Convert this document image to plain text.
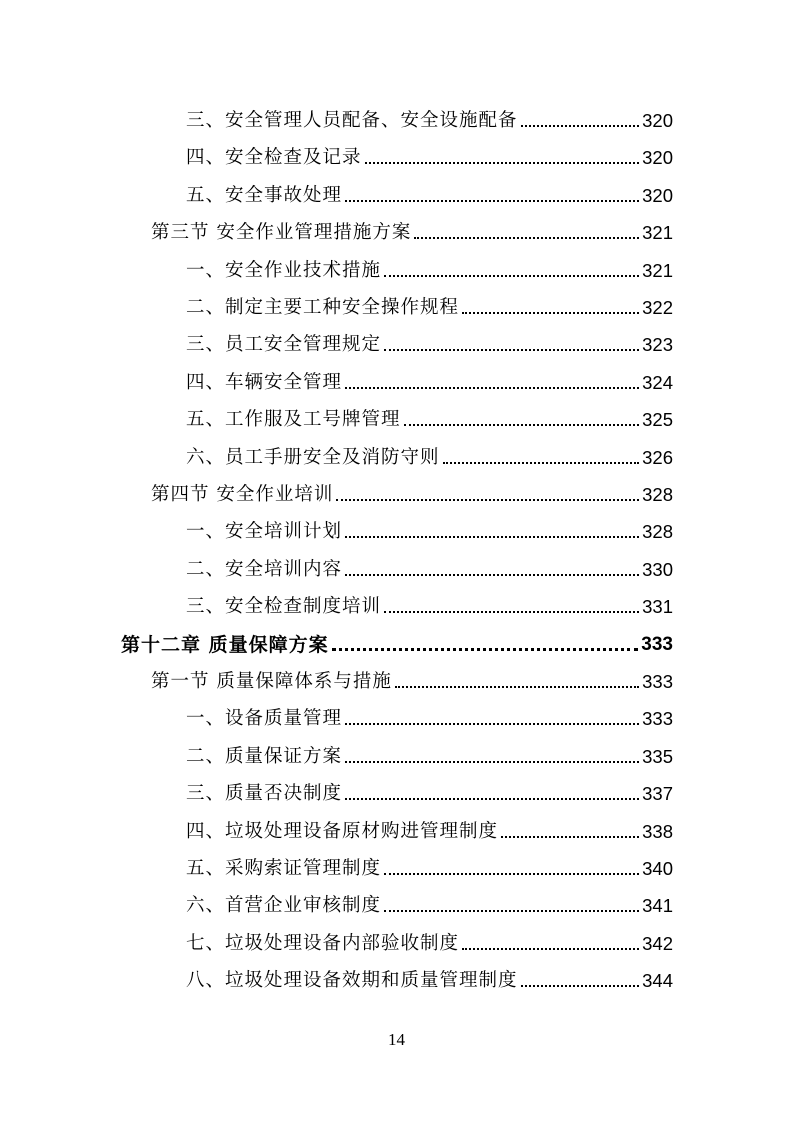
三、安全管理人员配备、安全设施配备	320
四、安全检查及记录	320
五、安全事故处理	320
第三节 安全作业管理措施方案	321
一、安全作业技术措施	321
二、制定主要工种安全操作规程	322
三、员工安全管理规定	323
四、车辆安全管理	324
五、工作服及工号牌管理	325
六、员工手册安全及消防守则	326
第四节 安全作业培训	328
一、安全培训计划	328
二、安全培训内容	330
三、安全检查制度培训	331
第十二章 质量保障方案	333
第一节 质量保障体系与措施	333
一、设备质量管理	333
二、质量保证方案	335
三、质量否决制度	337
四、垃圾处理设备原材购进管理制度	338
五、采购索证管理制度	340
六、首营企业审核制度	341
七、垃圾处理设备内部验收制度	342
八、垃圾处理设备效期和质量管理制度	344
14
